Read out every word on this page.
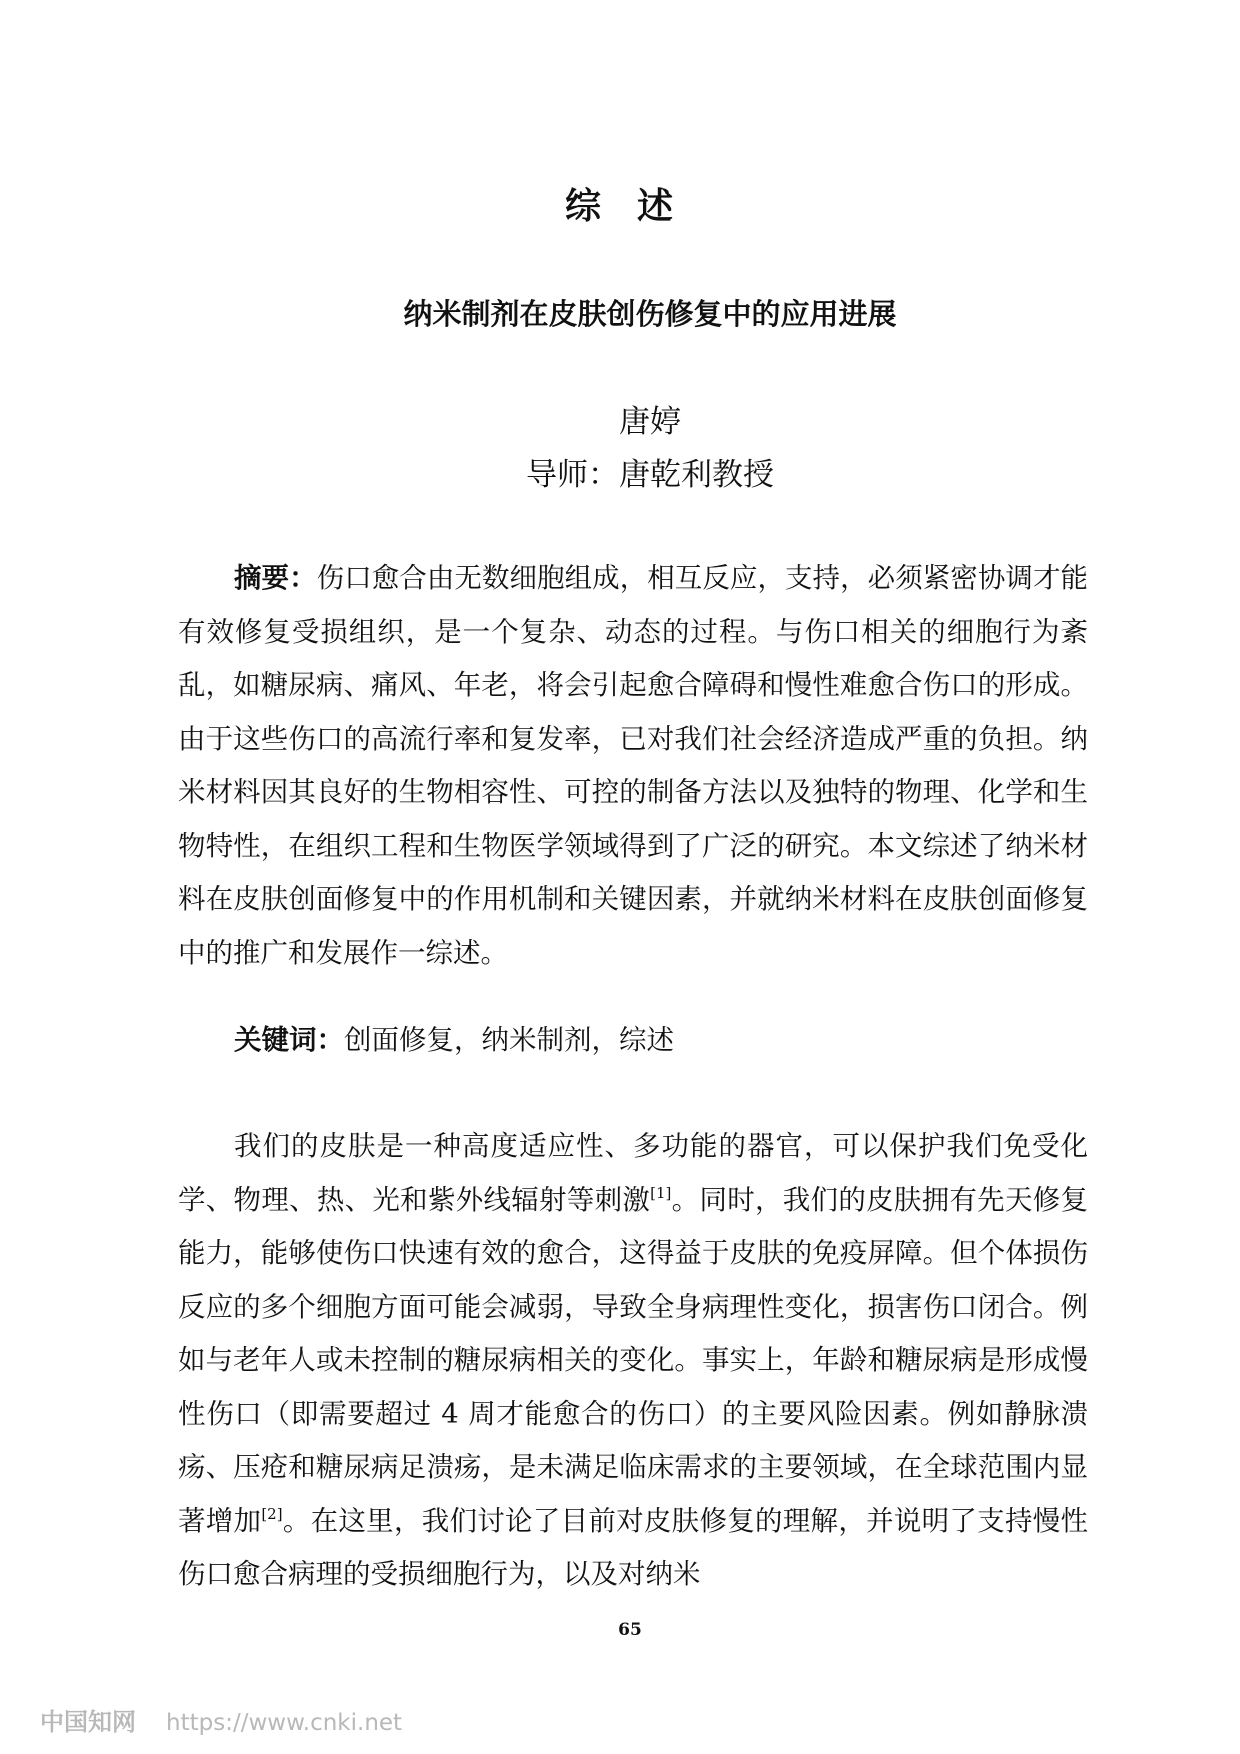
综 述
纳米制剂在皮肤创伤修复中的应用进展
唐婷
导师：唐乾利教授
摘要：伤口愈合由无数细胞组成，相互反应，支持，必须紧密协调才能有效修复受损组织，是一个复杂、动态的过程。与伤口相关的细胞行为紊乱，如糖尿病、痛风、年老，将会引起愈合障碍和慢性难愈合伤口的形成。由于这些伤口的高流行率和复发率，已对我们社会经济造成严重的负担。纳米材料因其良好的生物相容性、可控的制备方法以及独特的物理、化学和生物特性，在组织工程和生物医学领域得到了广泛的研究。本文综述了纳米材料在皮肤创面修复中的作用机制和关键因素，并就纳米材料在皮肤创面修复中的推广和发展作一综述。
关键词：创面修复，纳米制剂，综述
我们的皮肤是一种高度适应性、多功能的器官，可以保护我们免受化学、物理、热、光和紫外线辐射等刺激[1]。同时，我们的皮肤拥有先天修复能力，能够使伤口快速有效的愈合，这得益于皮肤的免疫屏障。但个体损伤反应的多个细胞方面可能会减弱，导致全身病理性变化，损害伤口闭合。例如与老年人或未控制的糖尿病相关的变化。事实上，年龄和糖尿病是形成慢性伤口（即需要超过 4 周才能愈合的伤口）的主要风险因素。例如静脉溃疡、压疮和糖尿病足溃疡，是未满足临床需求的主要领域，在全球范围内显著增加[2]。在这里，我们讨论了目前对皮肤修复的理解，并说明了支持慢性伤口愈合病理的受损细胞行为，以及对纳米
65
中国知网 https://www.cnki.net
